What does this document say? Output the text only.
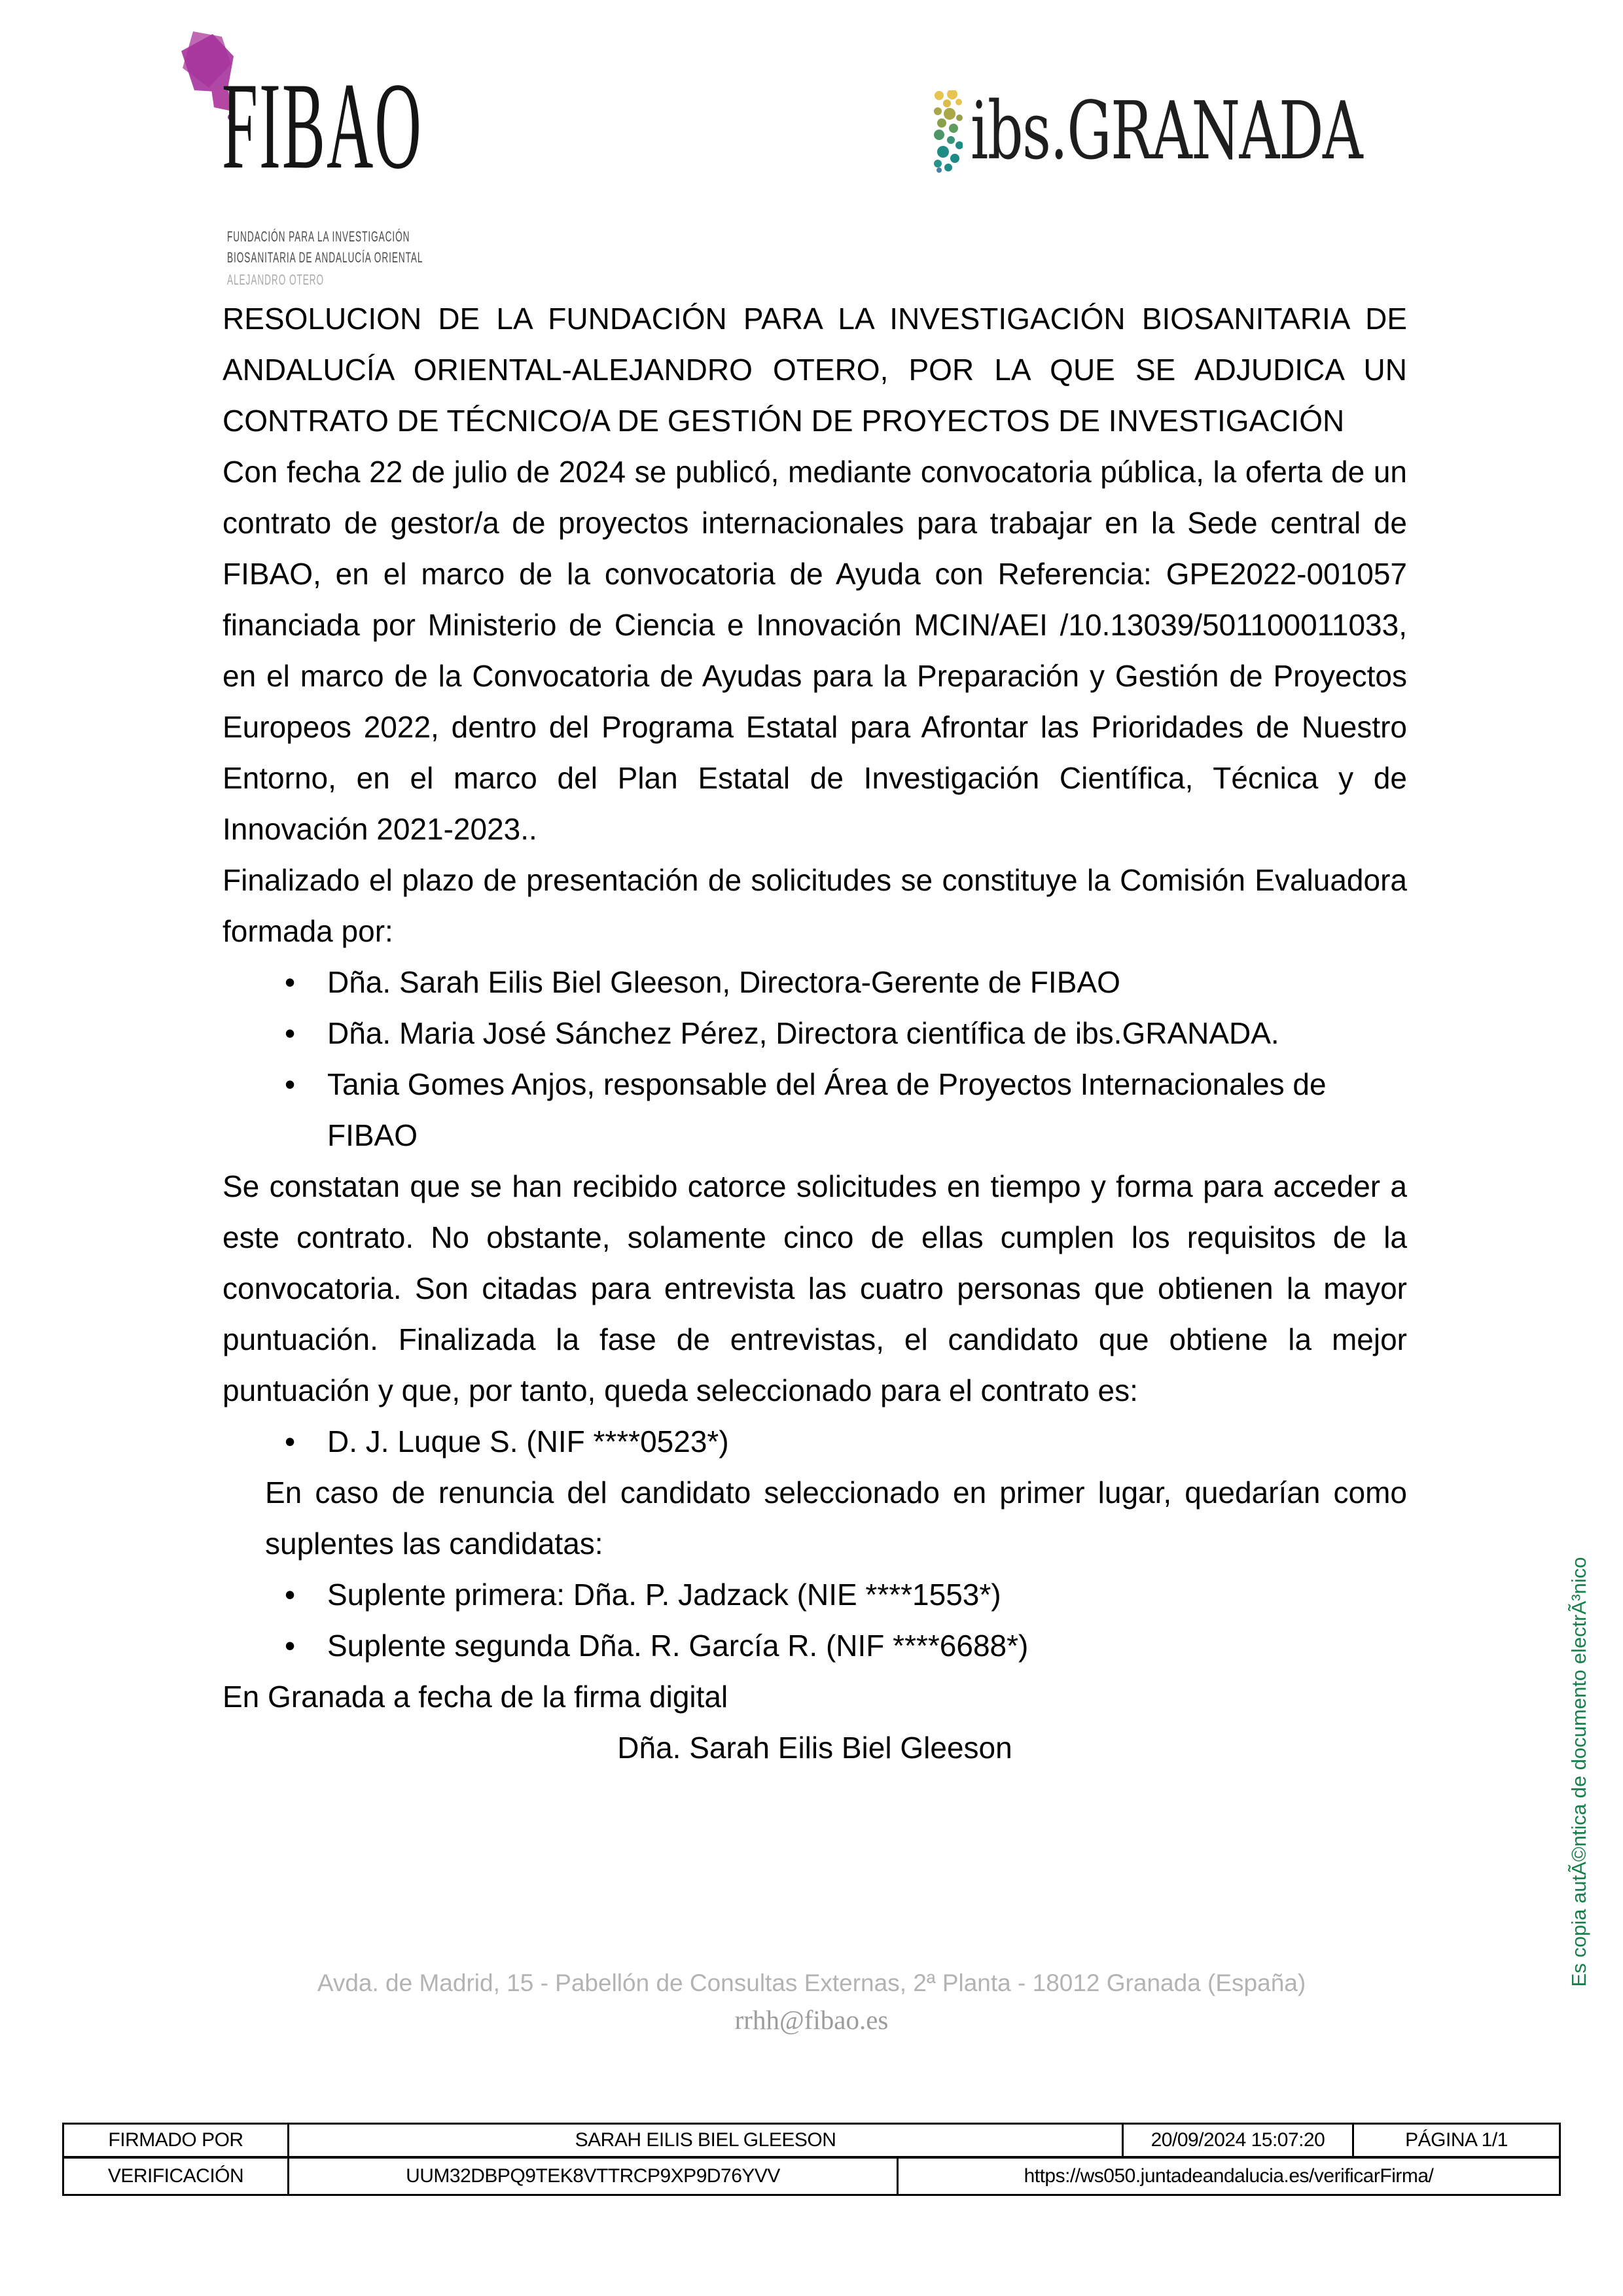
FIBAO
FUNDACIÓN PARA LA INVESTIGACIÓN
BIOSANITARIA DE ANDALUCÍA ORIENTAL
ALEJANDRO OTERO
ibs.GRANADA

RESOLUCION DE LA FUNDACIÓN PARA LA INVESTIGACIÓN BIOSANITARIA DE ANDALUCÍA ORIENTAL-ALEJANDRO OTERO, POR LA QUE SE ADJUDICA UN CONTRATO DE TÉCNICO/A DE GESTIÓN DE PROYECTOS DE INVESTIGACIÓN

Con fecha 22 de julio de 2024 se publicó, mediante convocatoria pública, la oferta de un contrato de gestor/a de proyectos internacionales para trabajar en la Sede central de FIBAO, en el marco de la convocatoria de Ayuda con Referencia: GPE2022-001057 financiada por Ministerio de Ciencia e Innovación MCIN/AEI /10.13039/501100011033, en el marco de la Convocatoria de Ayudas para la Preparación y Gestión de Proyectos Europeos 2022, dentro del Programa Estatal para Afrontar las Prioridades de Nuestro Entorno, en el marco del Plan Estatal de Investigación Científica, Técnica y de Innovación 2021-2023..

Finalizado el plazo de presentación de solicitudes se constituye la Comisión Evaluadora formada por:

• Dña. Sarah Eilis Biel Gleeson, Directora-Gerente de FIBAO
• Dña. Maria José Sánchez Pérez, Directora científica de ibs.GRANADA.
• Tania Gomes Anjos, responsable del Área de Proyectos Internacionales de FIBAO

Se constatan que se han recibido catorce solicitudes en tiempo y forma para acceder a este contrato. No obstante, solamente cinco de ellas cumplen los requisitos de la convocatoria. Son citadas para entrevista las cuatro personas que obtienen la mayor puntuación. Finalizada la fase de entrevistas, el candidato que obtiene la mejor puntuación y que, por tanto, queda seleccionado para el contrato es:

• D. J. Luque S. (NIF ****0523*)

En caso de renuncia del candidato seleccionado en primer lugar, quedarían como suplentes las candidatas:

• Suplente primera: Dña. P. Jadzack (NIE ****1553*)
• Suplente segunda Dña. R. García R. (NIF ****6688*)

En Granada a fecha de la firma digital

Dña. Sarah Eilis Biel Gleeson

Avda. de Madrid, 15 - Pabellón de Consultas Externas, 2ª Planta - 18012 Granada (España)
rrhh@fibao.es
Es copia autÃ©ntica de documento electrÃ³nico
FIRMADO POR	SARAH EILIS BIEL GLEESON	20/09/2024 15:07:20	PÁGINA 1/1
VERIFICACIÓN	UUM32DBPQ9TEK8VTTRCP9XP9D76YVV	https://ws050.juntadeandalucia.es/verificarFirma/
